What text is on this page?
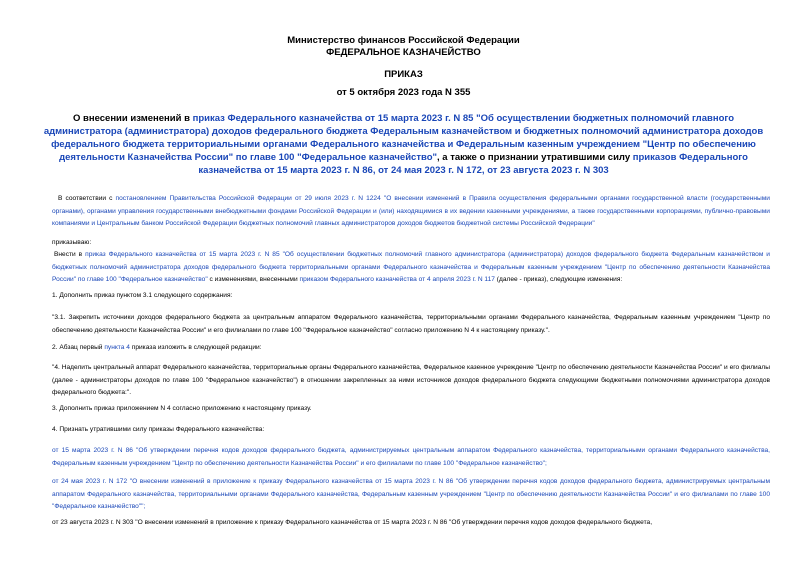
Министерство финансов Российской Федерации
ФЕДЕРАЛЬНОЕ КАЗНАЧЕЙСТВО
ПРИКАЗ
от 5 октября 2023 года N 355
О внесении изменений в приказ Федерального казначейства от 15 марта 2023 г. N 85 "Об осуществлении бюджетных полномочий главного администратора (администратора) доходов федерального бюджета Федеральным казначейством и бюджетных полномочий администратора доходов федерального бюджета территориальными органами Федерального казначейства и Федеральным казенным учреждением "Центр по обеспечению деятельности Казначейства России" по главе 100 "Федеральное казначейство", а также о признании утратившими силу приказов Федерального казначейства от 15 марта 2023 г. N 86, от 24 мая 2023 г. N 172, от 23 августа 2023 г. N 303
В соответствии с постановлением Правительства Российской Федерации от 29 июля 2023 г. N 1224 "О внесении изменений в Правила осуществления федеральными органами государственной власти (государственными органами), органами управления государственными внебюджетными фондами Российской Федерации и (или) находящимися в их ведении казенными учреждениями, а также государственными корпорациями, публично-правовыми компаниями и Центральным банком Российской Федерации бюджетных полномочий главных администраторов доходов бюджетов бюджетной системы Российской Федерации"
приказываю:
Внести в приказ Федерального казначейства от 15 марта 2023 г. N 85 "Об осуществлении бюджетных полномочий главного администратора (администратора) доходов федерального бюджета Федеральным казначейством и бюджетных полномочий администратора доходов федерального бюджета территориальными органами Федерального казначейства и Федеральным казенным учреждением "Центр по обеспечению деятельности Казначейства России" по главе 100 "Федеральное казначейство" с изменениями, внесенными приказом Федерального казначейства от 4 апреля 2023 г. N 117 (далее - приказ), следующие изменения:
1. Дополнить приказ пунктом 3.1 следующего содержания:
"3.1. Закрепить источники доходов федерального бюджета за центральным аппаратом Федерального казначейства, территориальными органами Федерального казначейства, Федеральным казенным учреждением "Центр по обеспечению деятельности Казначейства России" и его филиалами по главе 100 "Федеральное казначейство" согласно приложению N 4 к настоящему приказу.".
2. Абзац первый пункта 4 приказа изложить в следующей редакции:
"4. Наделить центральный аппарат Федерального казначейства, территориальные органы Федерального казначейства, Федеральное казенное учреждение "Центр по обеспечению деятельности Казначейства России" и его филиалы (далее - администраторы доходов по главе 100 "Федеральное казначейство") в отношении закрепленных за ними источников доходов федерального бюджета следующими бюджетными полномочиями администратора доходов федерального бюджета:".
3. Дополнить приказ приложением N 4 согласно приложению к настоящему приказу.
4. Признать утратившими силу приказы Федерального казначейства:
от 15 марта 2023 г. N 86 "Об утверждении перечня кодов доходов федерального бюджета, администрируемых центральным аппаратом Федерального казначейства, территориальными органами Федерального казначейства, Федеральным казенным учреждением "Центр по обеспечению деятельности Казначейства России" и его филиалами по главе 100 "Федеральное казначейство";
от 24 мая 2023 г. N 172 "О внесении изменений в приложение к приказу Федерального казначейства от 15 марта 2023 г. N 86 "Об утверждении перечня кодов доходов федерального бюджета, администрируемых центральным аппаратом Федерального казначейства, территориальными органами Федерального казначейства, Федеральным казенным учреждением "Центр по обеспечению деятельности Казначейства России" и его филиалами по главе 100 "Федеральное казначейство"";
от 23 августа 2023 г. N 303 "О внесении изменений в приложение к приказу Федерального казначейства от 15 марта 2023 г. N 86 "Об утверждении перечня кодов доходов федерального бюджета,
